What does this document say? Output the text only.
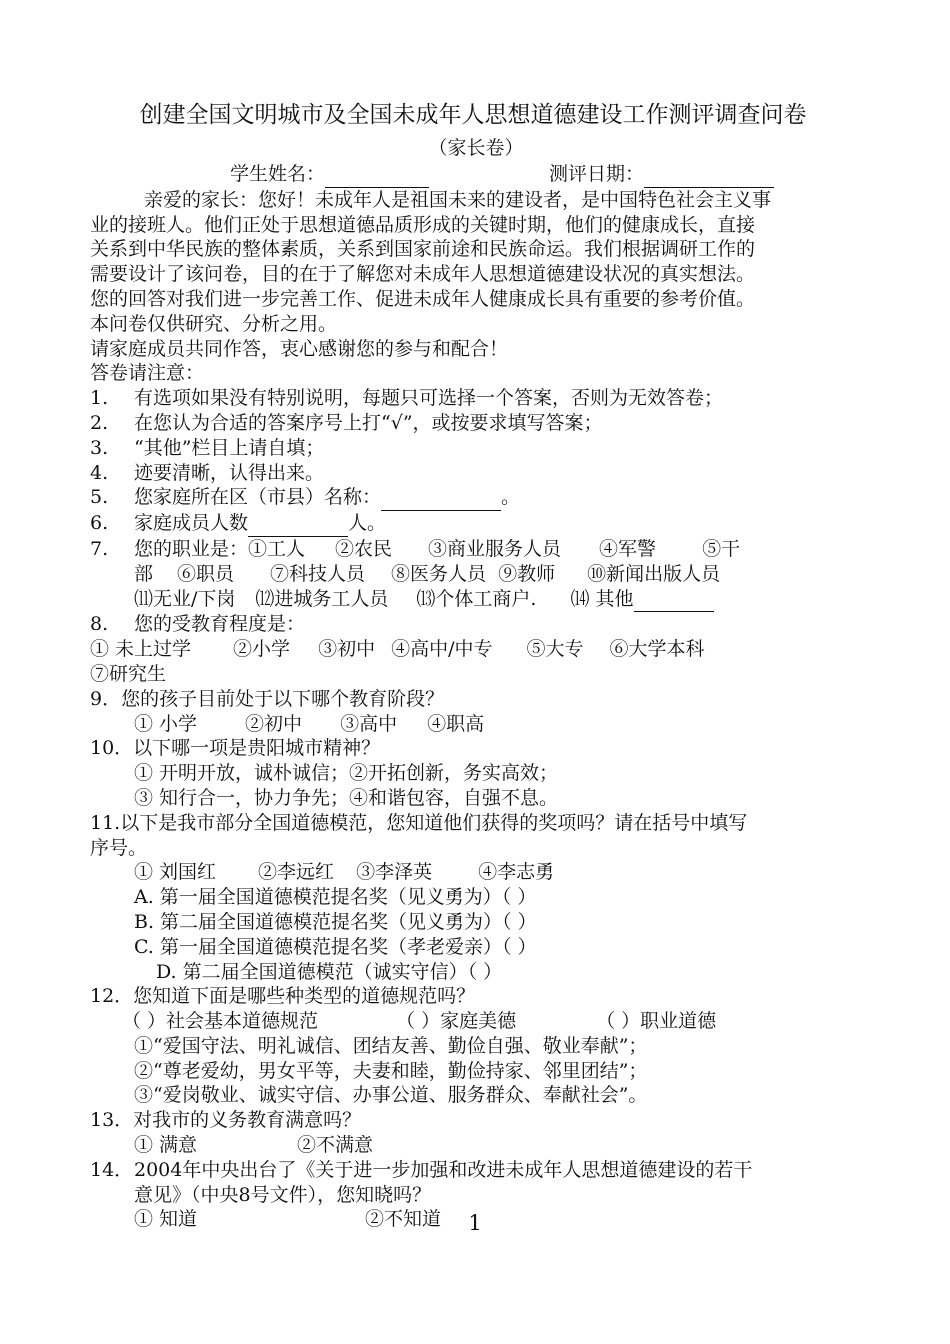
创建全国文明城市及全国未成年人思想道德建设工作测评调查问卷
（家长卷）
学生姓名：	测评日期：
亲爱的家长：您好！未成年人是祖国未来的建设者，是中国特色社会主义事
业的接班人。他们正处于思想道德品质形成的关键时期，他们的健康成长，直接
关系到中华民族的整体素质，关系到国家前途和民族命运。我们根据调研工作的
需要设计了该问卷，目的在于了解您对未成年人思想道德建设状况的真实想法。
您的回答对我们进一步完善工作、促进未成年人健康成长具有重要的参考价值。
本问卷仅供研究、分析之用。
请家庭成员共同作答，衷心感谢您的参与和配合！
答卷请注意：
1. 有选项如果没有特别说明，每题只可选择一个答案，否则为无效答卷；
2. 在您认为合适的答案序号上打“√”，或按要求填写答案；
3. “其他”栏目上请自填；
4. 迹要清晰，认得出来。
5. 您家庭所在区（市县）名称：	。
6. 家庭成员人数	人。
7. 您的职业是：①工人 ②农民 ③商业服务人员 ④军警 ⑤干
部 ⑥职员 ⑦科技人员 ⑧医务人员 ⑨教师 ⑩新闻出版人员
⑾无业/下岗 ⑿进城务工人员 ⒀个体工商户. ⒁ 其他
8. 您的受教育程度是：
① 未上过学 ②小学 ③初中 ④高中/中专 ⑤大专 ⑥大学本科
⑦研究生
9．您的孩子目前处于以下哪个教育阶段？
① 小学	②初中 ③高中 ④职高
10．以下哪一项是贵阳城市精神？
① 开明开放，诚朴诚信；②开拓创新，务实高效；
③ 知行合一，协力争先；④和谐包容，自强不息。
11.以下是我市部分全国道德模范，您知道他们获得的奖项吗？请在括号中填写
序号。
① 刘国红 ②李远红 ③李泽英 ④李志勇
A. 第一届全国道德模范提名奖（见义勇为）（ ）
B. 第二届全国道德模范提名奖（见义勇为）（ ）
C. 第一届全国道德模范提名奖（孝老爱亲）（ ）
D. 第二届全国道德模范（诚实守信）（ ）
12．您知道下面是哪些种类型的道德规范吗？
（ ）社会基本道德规范	（ ）家庭美德	（ ）职业道德
①“爱国守法、明礼诚信、团结友善、勤俭自强、敬业奉献”；
②“尊老爱幼，男女平等，夫妻和睦，勤俭持家、邻里团结”；
③“爱岗敬业、诚实守信、办事公道、服务群众、奉献社会”。
13．对我市的义务教育满意吗？
① 满意	②不满意
14．2004年中央出台了《关于进一步加强和改进未成年人思想道德建设的若干
意见》（中央8号文件），您知晓吗？
① 知道	②不知道	1
